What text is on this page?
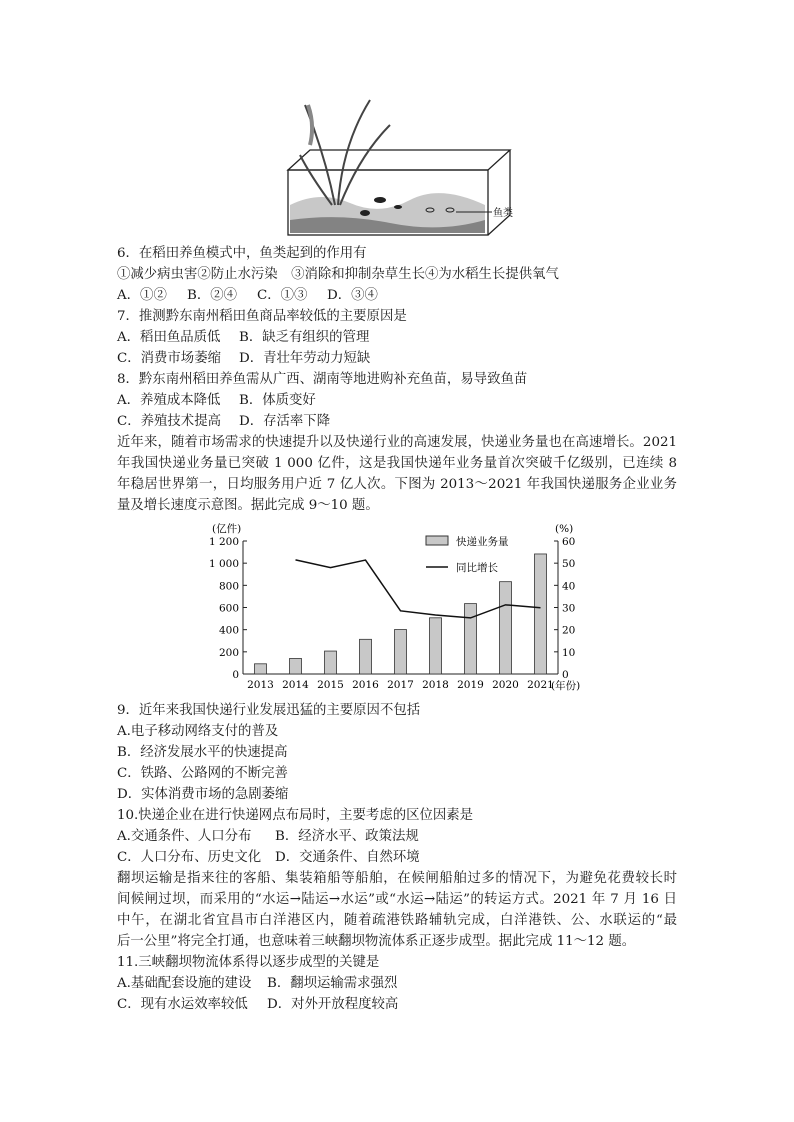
鱼类
6．在稻田养鱼模式中，鱼类起到的作用有
①减少病虫害②防止水污染　③消除和抑制杂草生长④为水稻生长提供氧气
A．①② B．②④ C．①③ D．③④
7．推测黔东南州稻田鱼商品率较低的主要原因是
A．稻田鱼品质低 B．缺乏有组织的管理
C．消费市场萎缩 D．青壮年劳动力短缺
8．黔东南州稻田养鱼需从广西、湖南等地进购补充鱼苗，易导致鱼苗
A．养殖成本降低 B．体质变好
C．养殖技术提高 D．存活率下降
近年来，随着市场需求的快速提升以及快递行业的高速发展，快递业务量也在高速增长。2021
年我国快递业务量已突破 1 000 亿件，这是我国快递年业务量首次突破千亿级别，已连续 8
年稳居世界第一，日均服务用户近 7 亿人次。下图为 2013～2021 年我国快递服务企业业务
量及增长速度示意图。据此完成 9～10 题。
(亿件)	(%)
0
200
400
600
800
1 000
1 200
0
10
20
30
40
50
60
2013 2014 2015 2016 2017 2018 2019 2020 2021
快递业务量
同比增长
(年份)
9．近年来我国快递行业发展迅猛的主要原因不包括
A.电子移动网络支付的普及
B．经济发展水平的快速提高
C．铁路、公路网的不断完善
D．实体消费市场的急剧萎缩
10.快递企业在进行快递网点布局时，主要考虑的区位因素是
A.交通条件、人口分布 B．经济水平、政策法规
C．人口分布、历史文化 D．交通条件、自然环境
翻坝运输是指来往的客船、集装箱船等船舶，在候闸船舶过多的情况下，为避免花费较长时
间候闸过坝，而采用的“水运→陆运→水运”或“水运→陆运”的转运方式。2021 年 7 月 16 日
中午，在湖北省宜昌市白洋港区内，随着疏港铁路辅轨完成，白洋港铁、公、水联运的“最
后一公里”将完全打通，也意味着三峡翻坝物流体系正逐步成型。据此完成 11～12 题。
11.三峡翻坝物流体系得以逐步成型的关键是
A.基础配套设施的建设 B．翻坝运输需求强烈
C．现有水运效率较低 D．对外开放程度较高
